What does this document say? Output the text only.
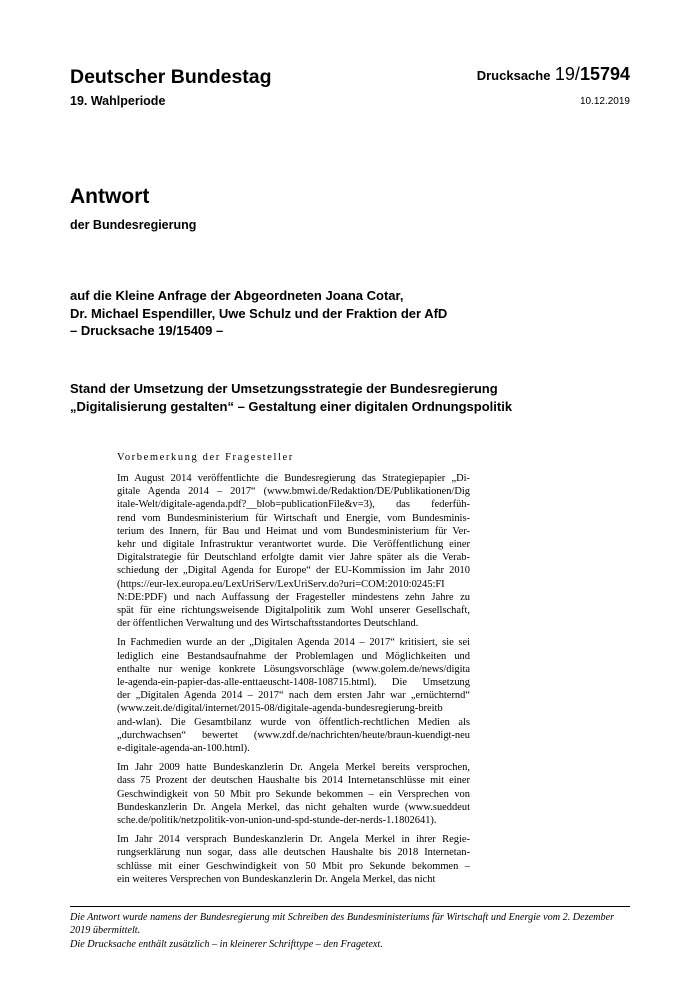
Deutscher Bundestag
19. Wahlperiode
Drucksache 19/15794
10.12.2019
Antwort
der Bundesregierung
auf die Kleine Anfrage der Abgeordneten Joana Cotar,
Dr. Michael Espendiller, Uwe Schulz und der Fraktion der AfD
– Drucksache 19/15409 –
Stand der Umsetzung der Umsetzungsstrategie der Bundesregierung
„Digitalisierung gestalten“ – Gestaltung einer digitalen Ordnungspolitik
Vorbemerkung der Fragesteller

Im August 2014 veröffentlichte die Bundesregierung das Strategiepapier „Di-
gitale Agenda 2014 – 2017“ (www.bmwi.de/Redaktion/DE/Publikationen/Dig
itale-Welt/digitale-agenda.pdf?__blob=publicationFile&v=3), das federfüh-
rend vom Bundesministerium für Wirtschaft und Energie, vom Bundesminis-
terium des Innern, für Bau und Heimat und vom Bundesministerium für Ver-
kehr und digitale Infrastruktur verantwortet wurde. Die Veröffentlichung einer
Digitalstrategie für Deutschland erfolgte damit vier Jahre später als die Verab-
schiedung der „Digital Agenda for Europe“ der EU-Kommission im Jahr 2010
(https://eur-lex.europa.eu/LexUriServ/LexUriServ.do?uri=COM:2010:0245:FI
N:DE:PDF) und nach Auffassung der Fragesteller mindestens zehn Jahre zu
spät für eine richtungsweisende Digitalpolitik zum Wohl unserer Gesellschaft,
der öffentlichen Verwaltung und des Wirtschaftsstandortes Deutschland.

In Fachmedien wurde an der „Digitalen Agenda 2014 – 2017“ kritisiert, sie sei
lediglich eine Bestandsaufnahme der Problemlagen und Möglichkeiten und
enthalte nur wenige konkrete Lösungsvorschläge (www.golem.de/news/digita
le-agenda-ein-papier-das-alle-enttaeuscht-1408-108715.html). Die Umsetzung
der „Digitalen Agenda 2014 – 2017“ nach dem ersten Jahr war „ernüchternd“
(www.zeit.de/digital/internet/2015-08/digitale-agenda-bundesregierung-breitb
and-wlan). Die Gesamtbilanz wurde von öffentlich-rechtlichen Medien als
„durchwachsen“ bewertet (www.zdf.de/nachrichten/heute/braun-kuendigt-neu
e-digitale-agenda-an-100.html).

Im Jahr 2009 hatte Bundeskanzlerin Dr. Angela Merkel bereits versprochen,
dass 75 Prozent der deutschen Haushalte bis 2014 Internetanschlüsse mit einer
Geschwindigkeit von 50 Mbit pro Sekunde bekommen – ein Versprechen von
Bundeskanzlerin Dr. Angela Merkel, das nicht gehalten wurde (www.sueddeut
sche.de/politik/netzpolitik-von-union-und-spd-stunde-der-nerds-1.1802641).

Im Jahr 2014 versprach Bundeskanzlerin Dr. Angela Merkel in ihrer Regie-
rungserklärung nun sogar, dass alle deutschen Haushalte bis 2018 Internetan-
schlüsse mit einer Geschwindigkeit von 50 Mbit pro Sekunde bekommen –
ein weiteres Versprechen von Bundeskanzlerin Dr. Angela Merkel, das nicht

Die Antwort wurde namens der Bundesregierung mit Schreiben des Bundesministeriums für Wirtschaft und Energie vom 2. Dezember 2019 übermittelt.

Die Drucksache enthält zusätzlich – in kleinerer Schrifttype – den Fragetext.
